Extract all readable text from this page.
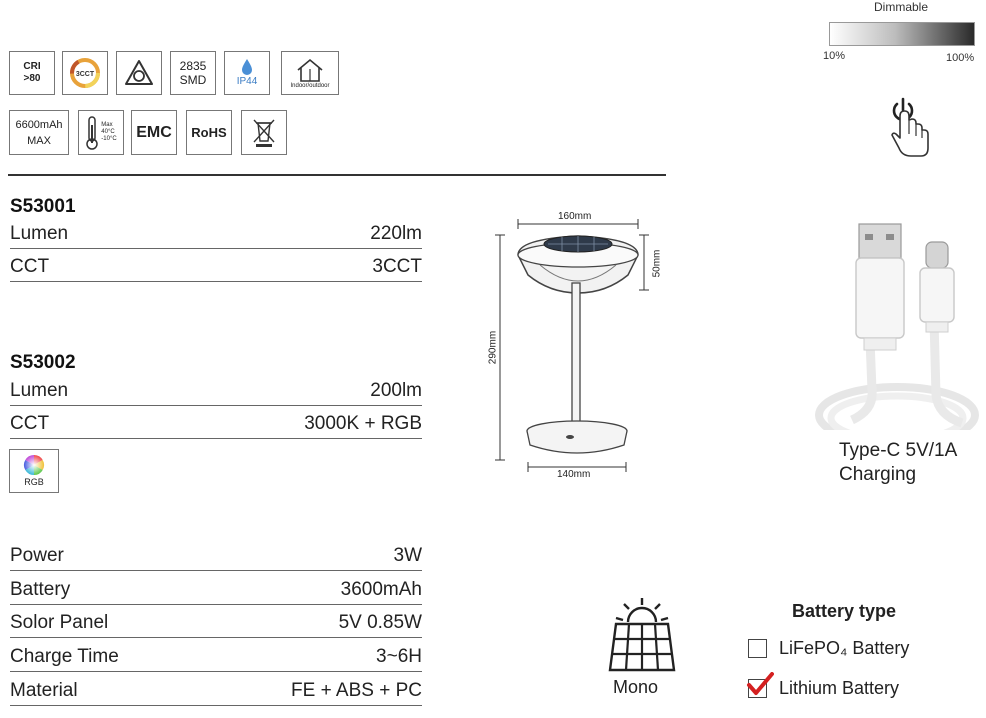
CRI
>80	3CCT
2835
SMD	IP44	Indoor/outdoor
6600mAh
MAX
Max
40°C
-10°C EMC RoHS
S53001
Lumen	220lm
CCT	3CCT
S53002
Lumen	200lm
CCT	3000K + RGB
RGB
Power	3W
Battery	3600mAh
Solor Panel	5V 0.85W
Charge Time	3~6H
Material	FE + ABS + PC
160mm
50mm
290mm
140mm
Dimmable
10%	100%
Type-C 5V/1A
Charging
Mono
Battery type
LiFePO₄ Battery
Lithium Battery
